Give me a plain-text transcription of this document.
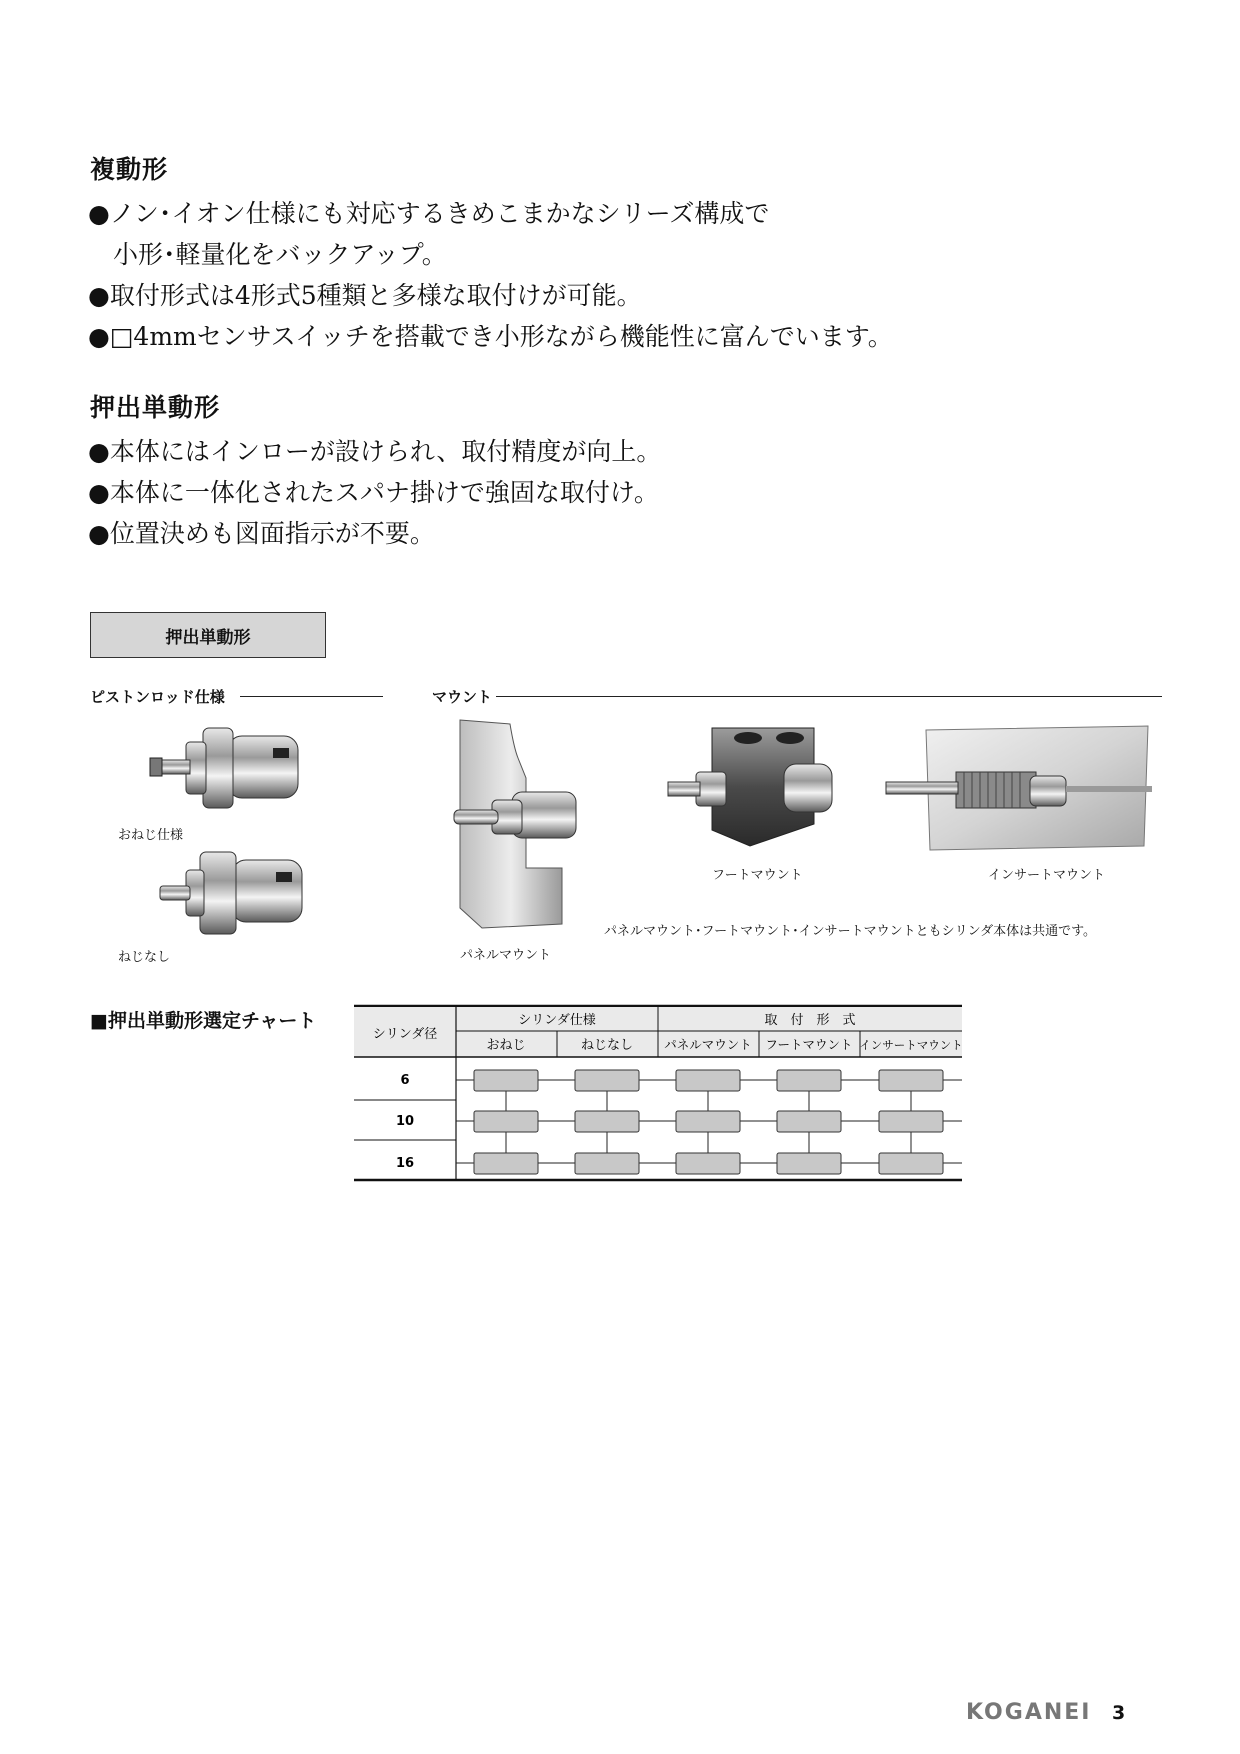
複動形
●ノン･イオン仕様にも対応するきめこまかなシリーズ構成で
　小形･軽量化をバックアップ。
●取付形式は4形式5種類と多様な取付けが可能。
●□4mmセンサスイッチを搭載でき小形ながら機能性に富んでいます。
押出単動形
●本体にはインローが設けられ、取付精度が向上。
●本体に一体化されたスパナ掛けで強固な取付け。
●位置決めも図面指示が不要。
押出単動形
ピストンロッド仕様	マウント
おねじ仕様
ねじなし	パネルマウント
フートマウント	インサートマウント
パネルマウント･フートマウント･インサートマウントともシリンダ本体は共通です。
■押出単動形選定チャート
シリンダ径
シリンダ仕様	取　付　形　式
おねじ	ねじなし パネルマウント フートマウント インサートマウント
6
10
16
KOGANEI 3
